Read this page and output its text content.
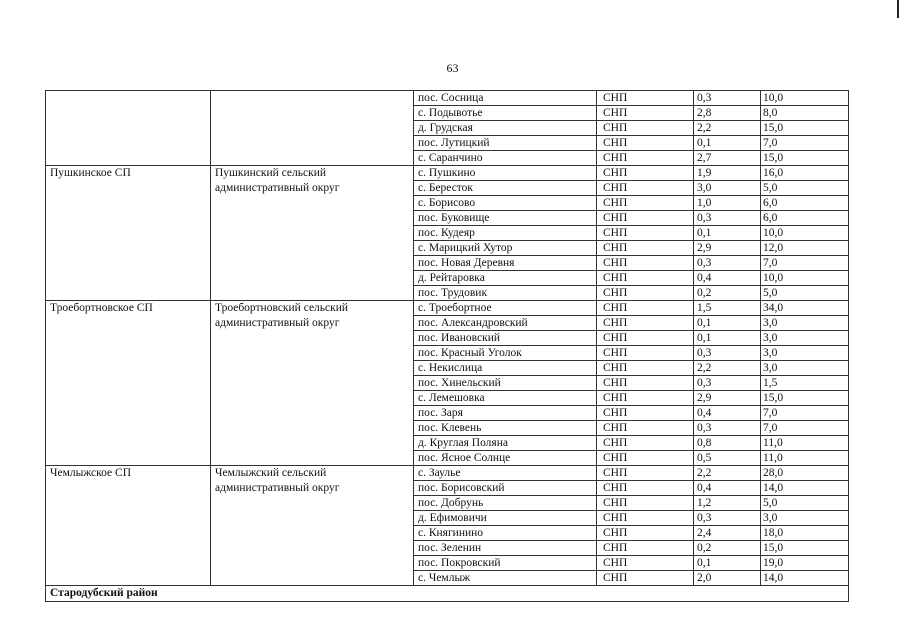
63
		пос. Сосница	СНП	0,3	10,0
		с. Подывотье	СНП	2,8	8,0
		д. Грудская	СНП	2,2	15,0
		пос. Лутицкий	СНП	0,1	7,0
		с. Саранчино	СНП	2,7	15,0
Пушкинское СП	Пушкинский сельский административный округ	с. Пушкино	СНП	1,9	16,0
		с. Бересток	СНП	3,0	5,0
		с. Борисово	СНП	1,0	6,0
		пос. Буковище	СНП	0,3	6,0
		пос. Кудеяр	СНП	0,1	10,0
		с. Марицкий Хутор	СНП	2,9	12,0
		пос. Новая Деревня	СНП	0,3	7,0
		д. Рейтаровка	СНП	0,4	10,0
		пос. Трудовик	СНП	0,2	5,0
Троебортновское СП	Троебортновский сельский административный округ	с. Троебортное	СНП	1,5	34,0
		пос. Александровский	СНП	0,1	3,0
		пос. Ивановский	СНП	0,1	3,0
		пос. Красный Уголок	СНП	0,3	3,0
		с. Некислица	СНП	2,2	3,0
		пос. Хинельский	СНП	0,3	1,5
		с. Лемешовка	СНП	2,9	15,0
		пос. Заря	СНП	0,4	7,0
		пос. Клевень	СНП	0,3	7,0
		д. Круглая Поляна	СНП	0,8	11,0
		пос. Ясное Солнце	СНП	0,5	11,0
Чемлыжское СП	Чемлыжский сельский административный округ	с. Заулье	СНП	2,2	28,0
		пос. Борисовский	СНП	0,4	14,0
		пос. Добрунь	СНП	1,2	5,0
		д. Ефимовичи	СНП	0,3	3,0
		с. Княгинино	СНП	2,4	18,0
		пос. Зеленин	СНП	0,2	15,0
		пос. Покровский	СНП	0,1	19,0
		с. Чемлыж	СНП	2,0	14,0
Стародубский район					
